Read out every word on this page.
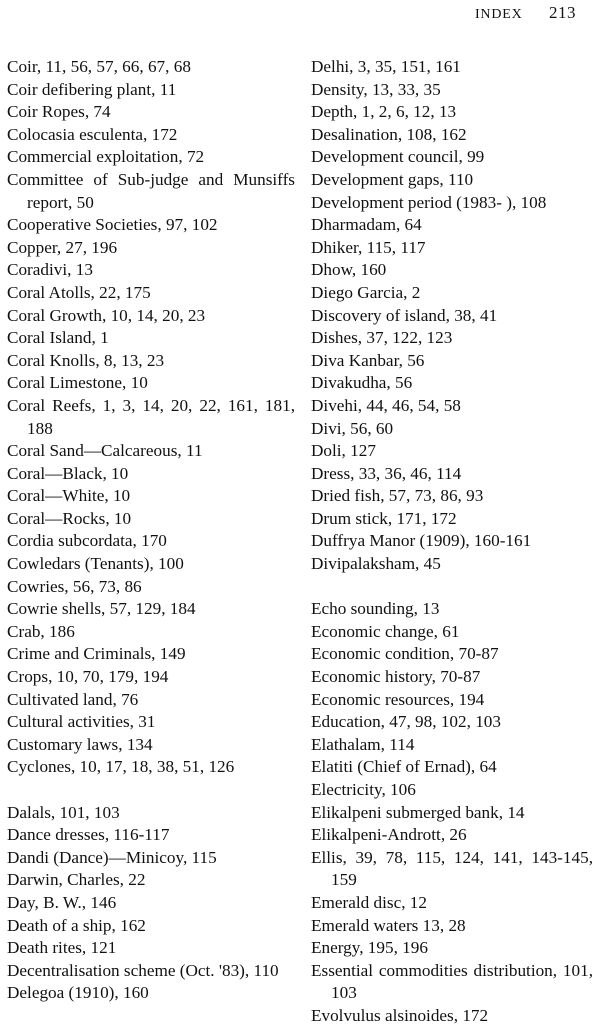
INDEX 213
Coir, 11, 56, 57, 66, 67, 68
Coir defibering plant, 11
Coir Ropes, 74
Colocasia esculenta, 172
Commercial exploitation, 72
Committee of Sub-judge and Munsiffs report, 50
Cooperative Societies, 97, 102
Copper, 27, 196
Coradivi, 13
Coral Atolls, 22, 175
Coral Growth, 10, 14, 20, 23
Coral Island, 1
Coral Knolls, 8, 13, 23
Coral Limestone, 10
Coral Reefs, 1, 3, 14, 20, 22, 161, 181, 188
Coral Sand—Calcareous, 11
Coral—Black, 10
Coral—White, 10
Coral—Rocks, 10
Cordia subcordata, 170
Cowledars (Tenants), 100
Cowries, 56, 73, 86
Cowrie shells, 57, 129, 184
Crab, 186
Crime and Criminals, 149
Crops, 10, 70, 179, 194
Cultivated land, 76
Cultural activities, 31
Customary laws, 134
Cyclones, 10, 17, 18, 38, 51, 126
Dalals, 101, 103
Dance dresses, 116-117
Dandi (Dance)—Minicoy, 115
Darwin, Charles, 22
Day, B. W., 146
Death of a ship, 162
Death rites, 121
Decentralisation scheme (Oct. '83), 110
Delegoa (1910), 160
Delhi, 3, 35, 151, 161
Density, 13, 33, 35
Depth, 1, 2, 6, 12, 13
Desalination, 108, 162
Development council, 99
Development gaps, 110
Development period (1983- ), 108
Dharmadam, 64
Dhiker, 115, 117
Dhow, 160
Diego Garcia, 2
Discovery of island, 38, 41
Dishes, 37, 122, 123
Diva Kanbar, 56
Divakudha, 56
Divehi, 44, 46, 54, 58
Divi, 56, 60
Doli, 127
Dress, 33, 36, 46, 114
Dried fish, 57, 73, 86, 93
Drum stick, 171, 172
Duffrya Manor (1909), 160-161
Divipalaksham, 45
Echo sounding, 13
Economic change, 61
Economic condition, 70-87
Economic history, 70-87
Economic resources, 194
Education, 47, 98, 102, 103
Elathalam, 114
Elatiti (Chief of Ernad), 64
Electricity, 106
Elikalpeni submerged bank, 14
Elikalpeni-Andrott, 26
Ellis, 39, 78, 115, 124, 141, 143-145, 159
Emerald disc, 12
Emerald waters 13, 28
Energy, 195, 196
Essential commodities distribution, 101, 103
Evolvulus alsinoides, 172
